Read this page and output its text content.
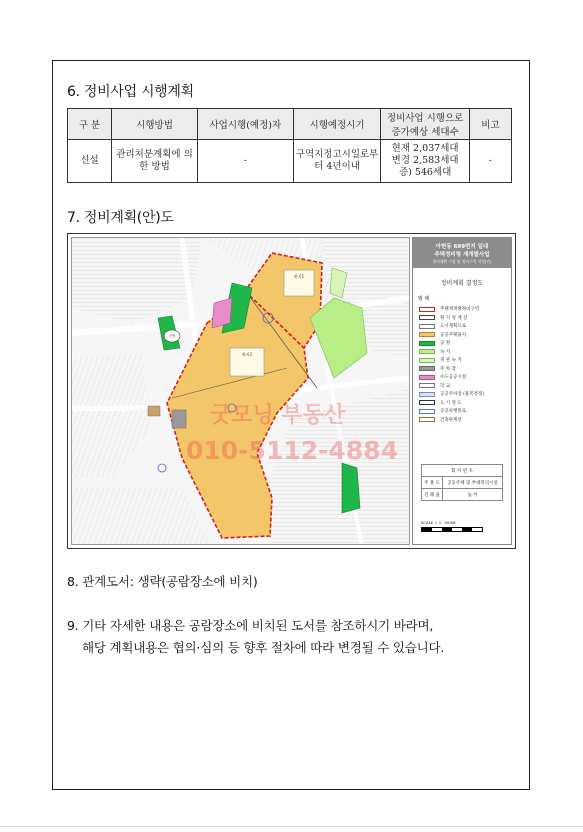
6. 정비사업 시행계획
구 분	시행방법	사업시행(예정)자	시행예정시기	정비사업 시행으로 증가예상 세대수	비고
신설	관리처분계획에 의한 방법	-	구역지정고시일로부터 4년이내	현재 2,037세대
변경 2,583세대
증) 546세대	-
7. 정비계획(안)도
획지1
획지2
공원
아현동 699번지 일대
주택정비형 재개발사업
정비계획 수립 및 정비구역 지정(안)
정비계획 결정도
범 례
주택재개발정비구역
획 지 경 계 선
도시계획도로
공공주택용지
공 원
녹 지
경 관 녹 지
주 차 장
수도공공시설
학 교
공공주차장 (용복결정)
도 시 철 도
공공보행통로
건축한계선
회 지 번 호	
주 용 도	공동주택 및 부대복리시설
건 폐 율	높 이
SCALE = 1 : NONE
굿모닝 부동산
010-5112-4884
8. 관계도서: 생략(공람장소에 비치)
9. 기타 자세한 내용은 공람장소에 비치된 도서를 참조하시기 바라며,
해당 계획내용은 협의·심의 등 향후 절차에 따라 변경될 수 있습니다.
